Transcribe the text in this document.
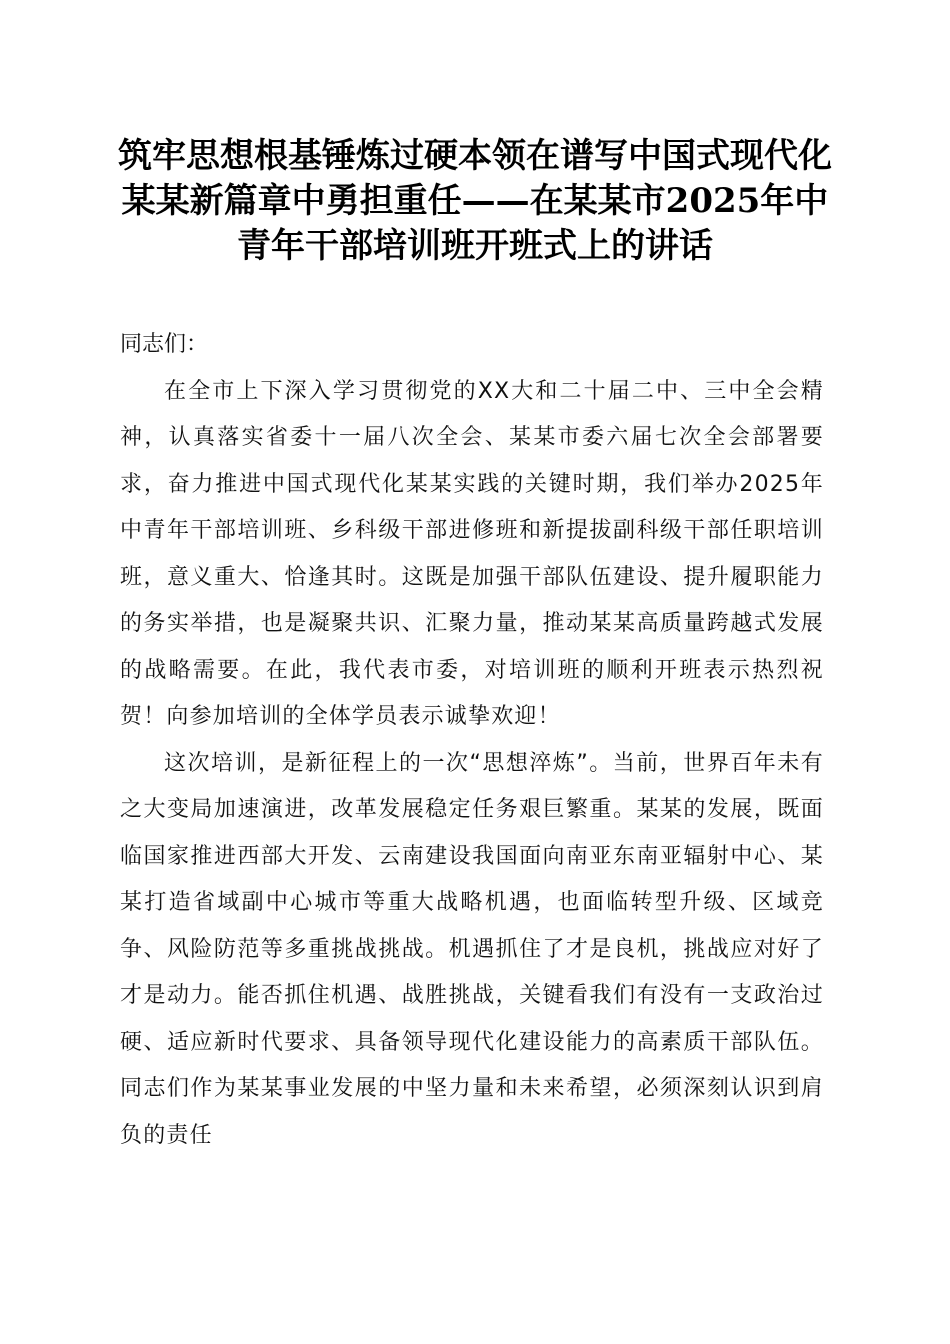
筑牢思想根基锤炼过硬本领在谱写中国式现代化某某新篇章中勇担重任——在某某市2025年中青年干部培训班开班式上的讲话

同志们：

在全市上下深入学习贯彻党的XX大和二十届二中、三中全会精神，认真落实省委十一届八次全会、某某市委六届七次全会部署要求，奋力推进中国式现代化某某实践的关键时期，我们举办2025年中青年干部培训班、乡科级干部进修班和新提拔副科级干部任职培训班，意义重大、恰逢其时。这既是加强干部队伍建设、提升履职能力的务实举措，也是凝聚共识、汇聚力量，推动某某高质量跨越式发展的战略需要。在此，我代表市委，对培训班的顺利开班表示热烈祝贺！向参加培训的全体学员表示诚挚欢迎！

这次培训，是新征程上的一次“思想淬炼”。当前，世界百年未有之大变局加速演进，改革发展稳定任务艰巨繁重。某某的发展，既面临国家推进西部大开发、云南建设我国面向南亚东南亚辐射中心、某某打造省域副中心城市等重大战略机遇，也面临转型升级、区域竞争、风险防范等多重挑战挑战。机遇抓住了才是良机，挑战应对好了才是动力。能否抓住机遇、战胜挑战，关键看我们有没有一支政治过硬、适应新时代要求、具备领导现代化建设能力的高素质干部队伍。同志们作为某某事业发展的中坚力量和未来希望，必须深刻认识到肩负的责任
